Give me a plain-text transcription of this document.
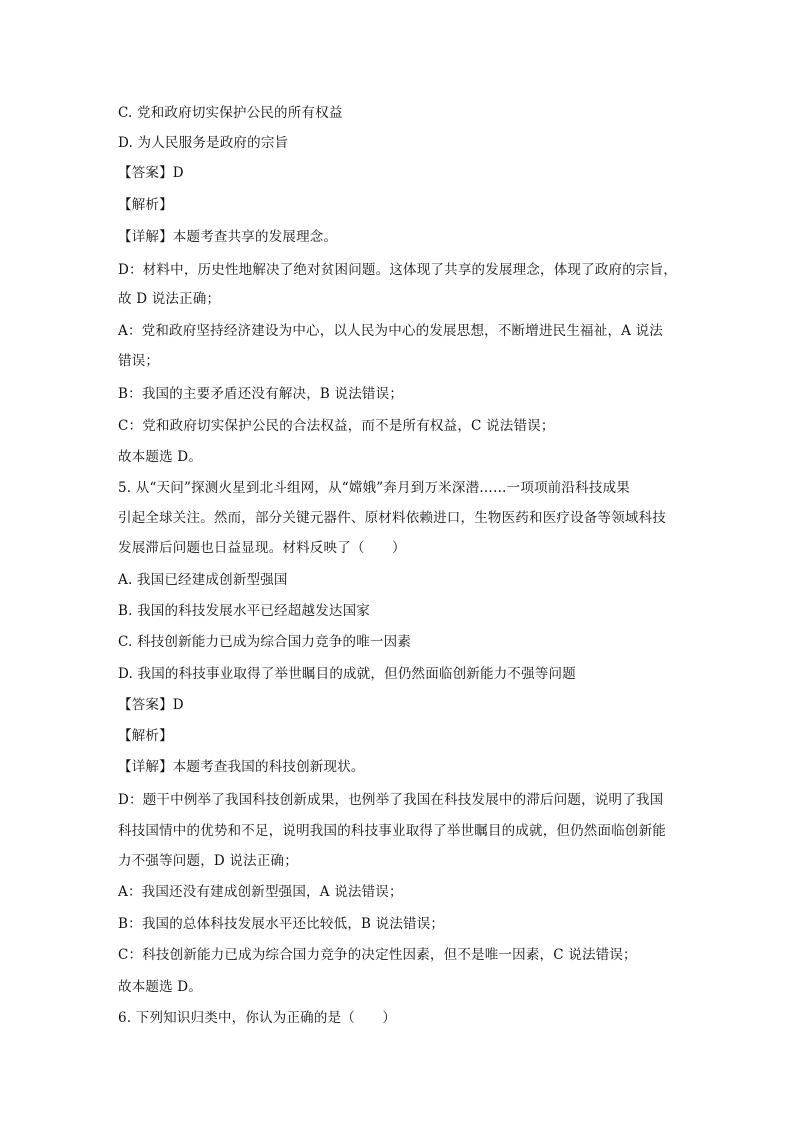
C. 党和政府切实保护公民的所有权益
D. 为人民服务是政府的宗旨
【答案】D
【解析】
【详解】本题考查共享的发展理念。
D：材料中，历史性地解决了绝对贫困问题。这体现了共享的发展理念，体现了政府的宗旨，
故 D 说法正确；
A：党和政府坚持经济建设为中心，以人民为中心的发展思想，不断增进民生福祉，A 说法
错误；
B：我国的主要矛盾还没有解决，B 说法错误；
C：党和政府切实保护公民的合法权益，而不是所有权益，C 说法错误；
故本题选 D。
5. 从“天问”探测火星到北斗组网，从“嫦娥”奔月到万米深潜……一项项前沿科技成果
引起全球关注。然而，部分关键元器件、原材料依赖进口，生物医药和医疗设备等领域科技
发展滞后问题也日益显现。材料反映了（　　）
A. 我国已经建成创新型强国
B. 我国的科技发展水平已经超越发达国家
C. 科技创新能力已成为综合国力竞争的唯一因素
D. 我国的科技事业取得了举世瞩目的成就，但仍然面临创新能力不强等问题
【答案】D
【解析】
【详解】本题考查我国的科技创新现状。
D：题干中例举了我国科技创新成果，也例举了我国在科技发展中的滞后问题，说明了我国
科技国情中的优势和不足，说明我国的科技事业取得了举世瞩目的成就，但仍然面临创新能
力不强等问题，D 说法正确；
A：我国还没有建成创新型强国，A 说法错误；
B：我国的总体科技发展水平还比较低，B 说法错误；
C：科技创新能力已成为综合国力竞争的决定性因素，但不是唯一因素，C 说法错误；
故本题选 D。
6. 下列知识归类中，你认为正确的是（　　）
